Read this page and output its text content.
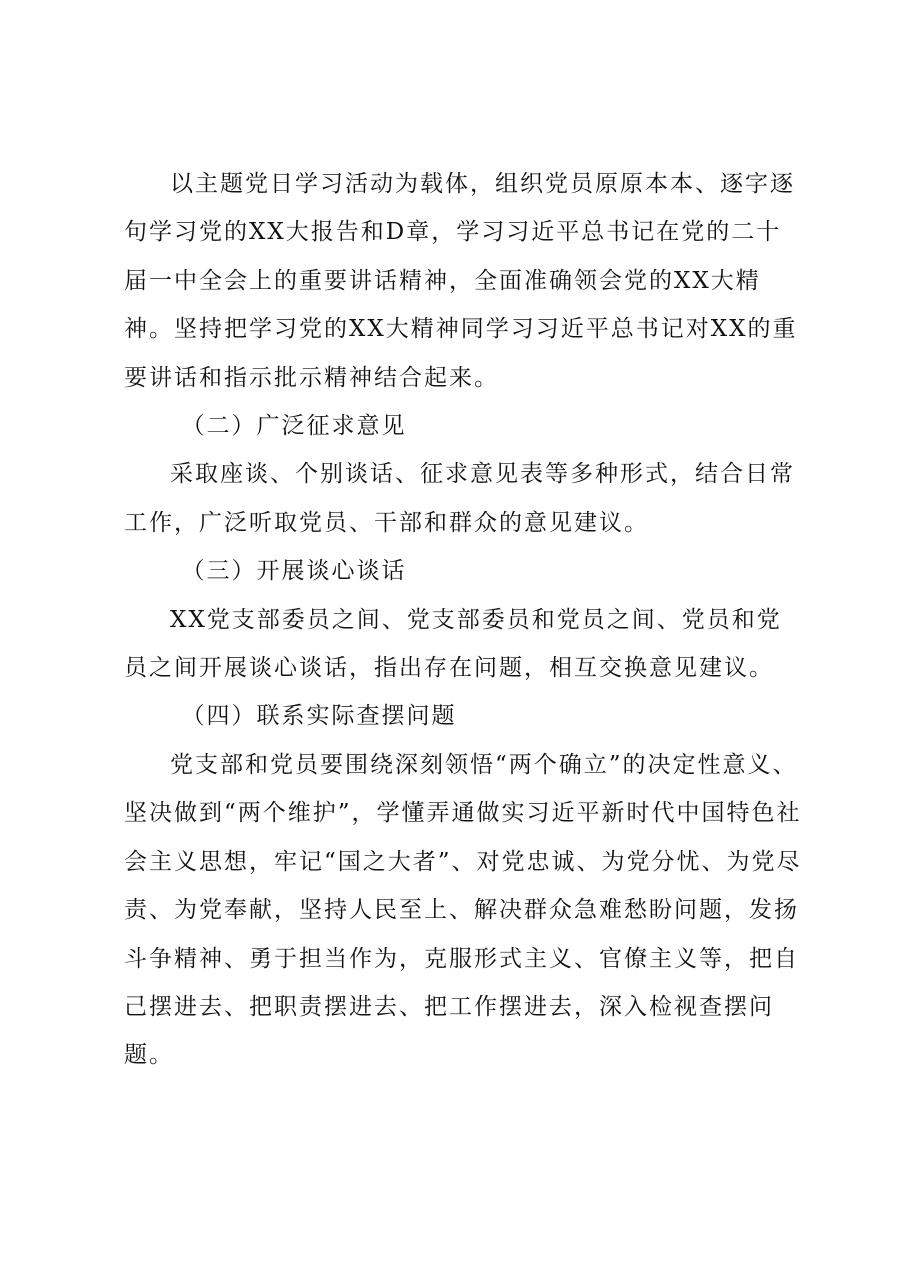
以主题党日学习活动为载体，组织党员原原本本、逐字逐句学习党的XX大报告和D章，学习习近平总书记在党的二十届一中全会上的重要讲话精神，全面准确领会党的XX大精神。坚持把学习党的XX大精神同学习习近平总书记对XX的重要讲话和指示批示精神结合起来。

（二）广泛征求意见

采取座谈、个别谈话、征求意见表等多种形式，结合日常工作，广泛听取党员、干部和群众的意见建议。

（三）开展谈心谈话

XX党支部委员之间、党支部委员和党员之间、党员和党员之间开展谈心谈话，指出存在问题，相互交换意见建议。

（四）联系实际查摆问题

党支部和党员要围绕深刻领悟“两个确立”的决定性意义、坚决做到“两个维护”，学懂弄通做实习近平新时代中国特色社会主义思想，牢记“国之大者”、对党忠诚、为党分忧、为党尽责、为党奉献，坚持人民至上、解决群众急难愁盼问题，发扬斗争精神、勇于担当作为，克服形式主义、官僚主义等，把自己摆进去、把职责摆进去、把工作摆进去，深入检视查摆问题。
